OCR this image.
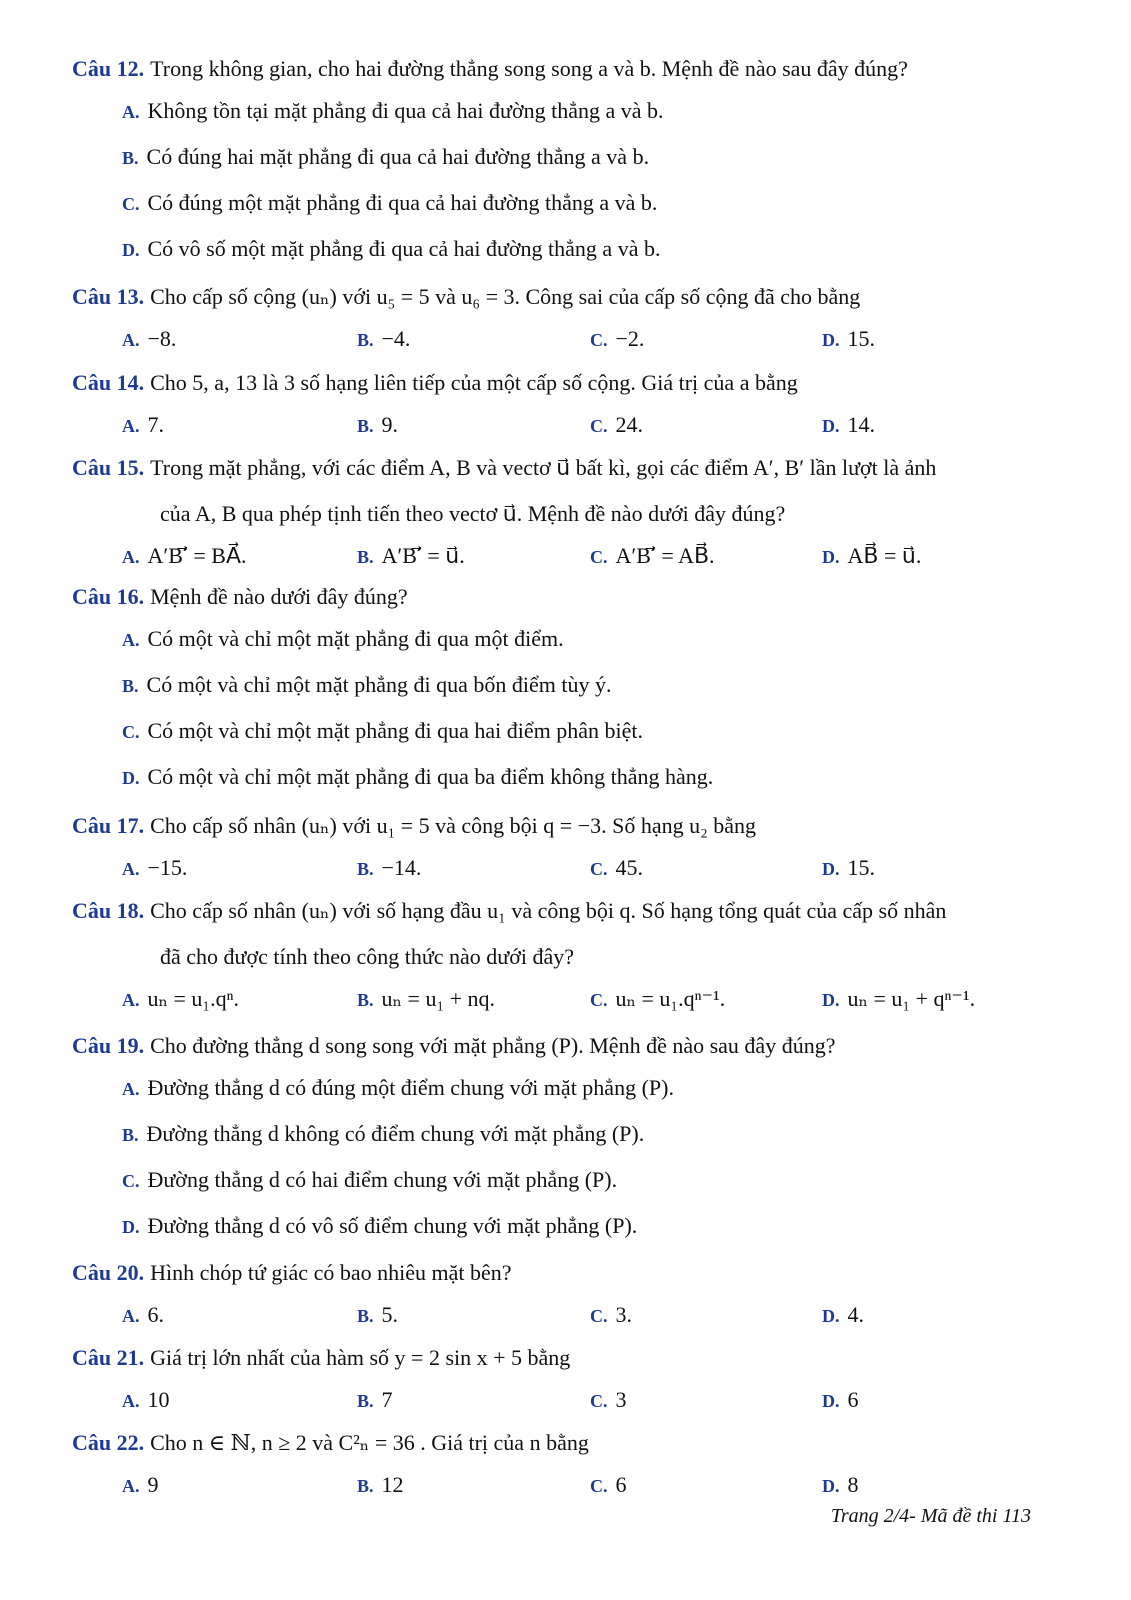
Câu 12. Trong không gian, cho hai đường thẳng song song a và b. Mệnh đề nào sau đây đúng?
A. Không tồn tại mặt phẳng đi qua cả hai đường thẳng a và b.
B. Có đúng hai mặt phẳng đi qua cả hai đường thẳng a và b.
C. Có đúng một mặt phẳng đi qua cả hai đường thẳng a và b.
D. Có vô số một mặt phẳng đi qua cả hai đường thẳng a và b.
Câu 13. Cho cấp số cộng (uₙ) với u₅ = 5 và u₆ = 3. Công sai của cấp số cộng đã cho bằng
A. −8.	B. −4.	C. −2.	D. 15.
Câu 14. Cho 5, a, 13 là 3 số hạng liên tiếp của một cấp số cộng. Giá trị của a bằng
A. 7.	B. 9.	C. 24.	D. 14.
Câu 15. Trong mặt phẳng, với các điểm A, B và vectơ u⃗ bất kì, gọi các điểm A′, B′ lần lượt là ảnh
của A, B qua phép tịnh tiến theo vectơ u⃗. Mệnh đề nào dưới đây đúng?
A. A′B′⃗ = BA⃗.	B. A′B′⃗ = u⃗.	C. A′B′⃗ = AB⃗.	D. AB⃗ = u⃗.
Câu 16. Mệnh đề nào dưới đây đúng?
A. Có một và chỉ một mặt phẳng đi qua một điểm.
B. Có một và chỉ một mặt phẳng đi qua bốn điểm tùy ý.
C. Có một và chỉ một mặt phẳng đi qua hai điểm phân biệt.
D. Có một và chỉ một mặt phẳng đi qua ba điểm không thẳng hàng.
Câu 17. Cho cấp số nhân (uₙ) với u₁ = 5 và công bội q = −3. Số hạng u₂ bằng
A. −15.	B. −14.	C. 45.	D. 15.
Câu 18. Cho cấp số nhân (uₙ) với số hạng đầu u₁ và công bội q. Số hạng tổng quát của cấp số nhân
đã cho được tính theo công thức nào dưới đây?
A. uₙ = u₁.qⁿ.	B. uₙ = u₁ + nq.	C. uₙ = u₁.qⁿ⁻¹.	D. uₙ = u₁ + qⁿ⁻¹.
Câu 19. Cho đường thẳng d song song với mặt phẳng (P). Mệnh đề nào sau đây đúng?
A. Đường thẳng d có đúng một điểm chung với mặt phẳng (P).
B. Đường thẳng d không có điểm chung với mặt phẳng (P).
C. Đường thẳng d có hai điểm chung với mặt phẳng (P).
D. Đường thẳng d có vô số điểm chung với mặt phẳng (P).
Câu 20. Hình chóp tứ giác có bao nhiêu mặt bên?
A. 6.	B. 5.	C. 3.	D. 4.
Câu 21. Giá trị lớn nhất của hàm số y = 2 sin x + 5 bằng
A. 10	B. 7	C. 3	D. 6
Câu 22. Cho n ∈ ℕ, n ≥ 2 và C²ₙ = 36 . Giá trị của n bằng
A. 9	B. 12	C. 6	D. 8
Trang 2/4- Mã đề thi 113
